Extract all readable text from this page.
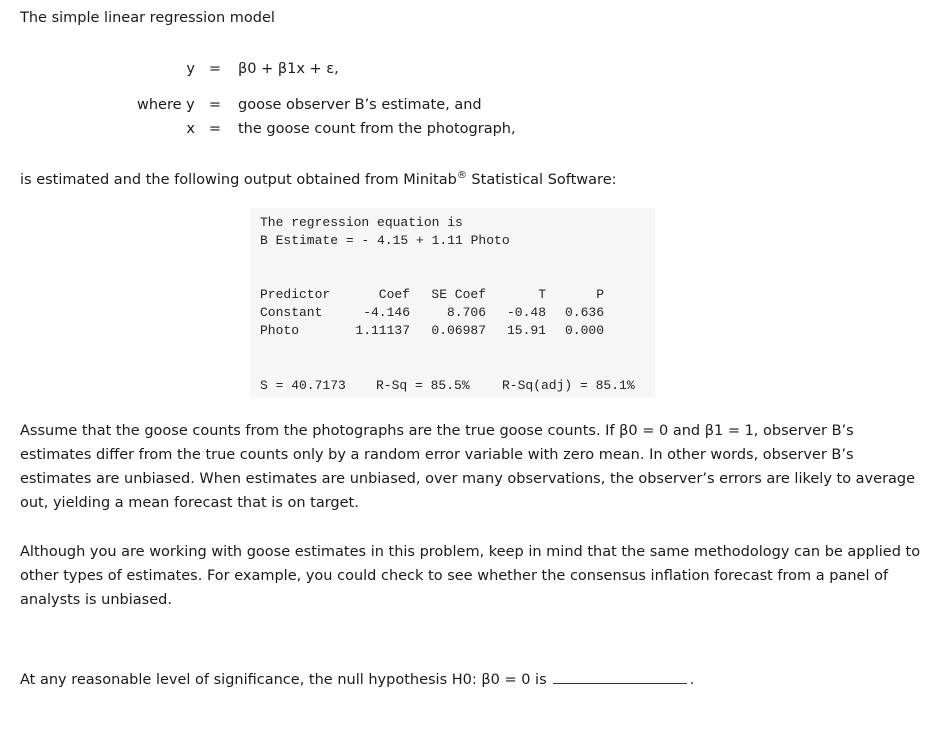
The simple linear regression model
y = β0 + β1x + ε,
where y = goose observer B’s estimate, and
x = the goose count from the photograph,
is estimated and the following output obtained from Minitab® Statistical Software:
The regression equation is
B Estimate = - 4.15 + 1.11 Photo
Predictor	Coef	SE Coef	T	P
Constant	-4.146	8.706	-0.48	0.636
Photo	1.11137	0.06987	15.91	0.000
S = 40.7173 R-Sq = 85.5% R-Sq(adj) = 85.1%
Assume that the goose counts from the photographs are the true goose counts. If β0 = 0 and β1 = 1, observer B’s estimates differ from the true counts only by a random error variable with zero mean. In other words, observer B’s estimates are unbiased. When estimates are unbiased, over many observations, the observer’s errors are likely to average out, yielding a mean forecast that is on target.
Although you are working with goose estimates in this problem, keep in mind that the same methodology can be applied to other types of estimates. For example, you could check to see whether the consensus inflation forecast from a panel of analysts is unbiased.
At any reasonable level of significance, the null hypothesis H0: β0 = 0 is	.
